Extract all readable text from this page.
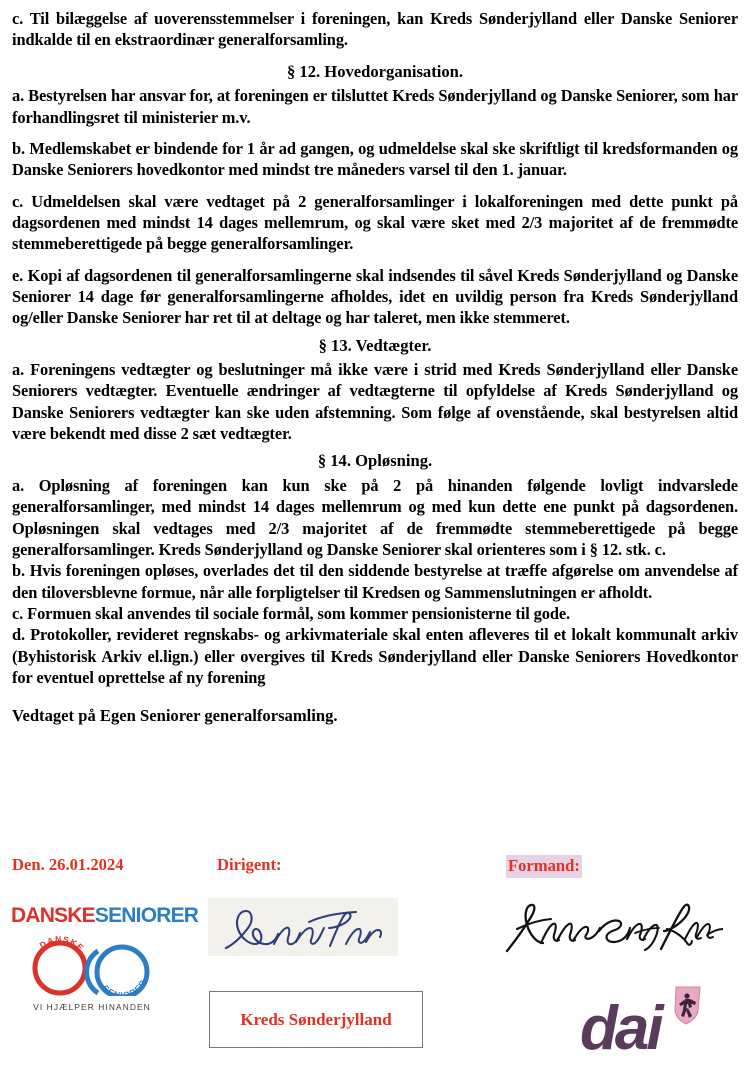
c. Til bilæggelse af uoverensstemmelser i foreningen, kan Kreds Sønderjylland eller Danske Seniorer indkalde til en ekstraordinær generalforsamling.

§ 12. Hovedorganisation.

a. Bestyrelsen har ansvar for, at foreningen er tilsluttet Kreds Sønderjylland og Danske Seniorer, som har forhandlingsret til ministerier m.v.

b. Medlemskabet er bindende for 1 år ad gangen, og udmeldelse skal ske skriftligt til kredsformanden og Danske Seniorers hovedkontor med mindst tre måneders varsel til den 1. januar.

c. Udmeldelsen skal være vedtaget på 2 generalforsamlinger i lokalforeningen med dette punkt på dagsordenen med mindst 14 dages mellemrum, og skal være sket med 2/3 majoritet af de fremmødte stemmeberettigede på begge generalforsamlinger.

e. Kopi af dagsordenen til generalforsamlingerne skal indsendes til såvel Kreds Sønderjylland og Danske Seniorer 14 dage før generalforsamlingerne afholdes, idet en uvildig person fra Kreds Sønderjylland og/eller Danske Seniorer har ret til at deltage og har taleret, men ikke stemmeret.

§ 13. Vedtægter.

a. Foreningens vedtægter og beslutninger må ikke være i strid med Kreds Sønderjylland eller Danske Seniorers vedtægter. Eventuelle ændringer af vedtægterne til opfyldelse af Kreds Sønderjylland og Danske Seniorers vedtægter kan ske uden afstemning. Som følge af ovenstående, skal bestyrelsen altid være bekendt med disse 2 sæt vedtægter.

§ 14. Opløsning.

a. Opløsning af foreningen kan kun ske på 2 på hinanden følgende lovligt indvarslede generalforsamlinger, med mindst 14 dages mellemrum og med kun dette ene punkt på dagsordenen. Opløsningen skal vedtages med 2/3 majoritet af de fremmødte stemmeberettigede på begge generalforsamlinger. Kreds Sønderjylland og Danske Seniorer skal orienteres som i § 12. stk. c.

b. Hvis foreningen opløses, overlades det til den siddende bestyrelse at træffe afgørelse om anvendelse af den tiloversblevne formue, når alle forpligtelser til Kredsen og Sammenslutningen er afholdt.

c. Formuen skal anvendes til sociale formål, som kommer pensionisterne til gode.

d. Protokoller, revideret regnskabs- og arkivmateriale skal enten afleveres til et lokalt kommunalt arkiv (Byhistorisk Arkiv el.lign.) eller overgives til Kreds Sønderjylland eller Danske Seniorers Hovedkontor for eventuel oprettelse af ny forening

Vedtaget på Egen Seniorer generalforsamling.
Den. 26.01.2024	Dirigent:	Formand:
DANSKESENIORER
DANSKE
SENIORER
VI HJÆLPER HINANDEN
Kreds Sønderjylland	dai
